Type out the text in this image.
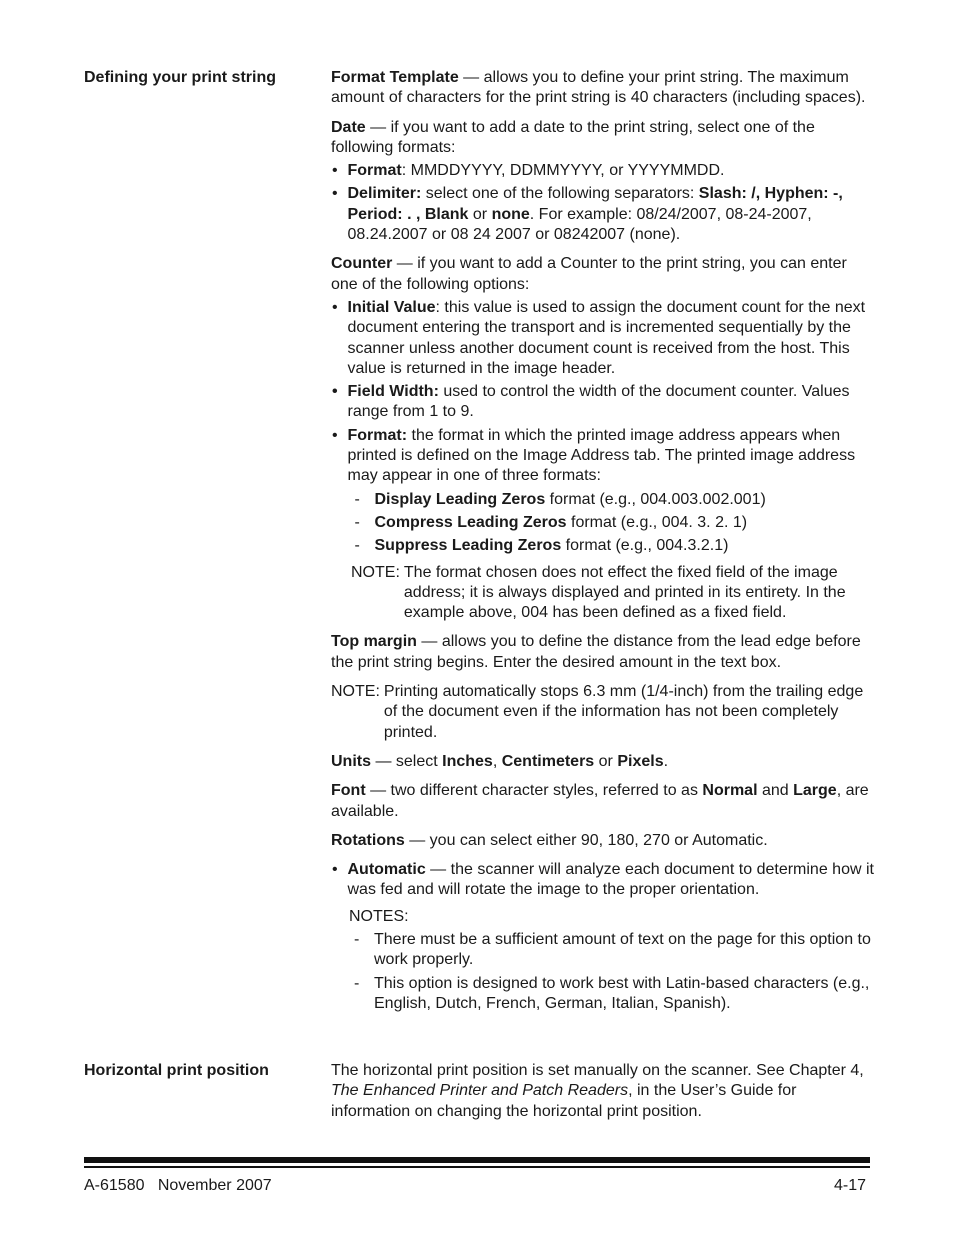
Defining your print string	Format Template — allows you to define your print string. The maximum amount of characters for the print string is 40 characters (including spaces).

Date — if you want to add a date to the print string, select one of the following formats:

• Format: MMDDYYYY, DDMMYYYY, or YYYYMMDD.
• Delimiter: select one of the following separators: Slash: /, Hyphen: -,  Period: . , Blank or none. For example: 08/24/2007, 08-24-2007, 08.24.2007 or 08 24 2007 or 08242007 (none).

Counter — if you want to add a Counter to the print string, you can enter one of the following options:

• Initial Value: this value is used to assign the document count for the next document entering the transport and is incremented sequentially by the scanner unless another document count is received from the host. This value is returned in the image header.
• Field Width: used to control the width of the document counter. Values range from 1 to 9.
• Format: the format in which the printed image address appears when printed is defined on the Image Address tab. The printed image address may appear in one of three formats:
- Display Leading Zeros format (e.g., 004.003.002.001)
- Compress Leading Zeros format (e.g., 004. 3. 2. 1)
- Suppress Leading Zeros format (e.g., 004.3.2.1)
NOTE: The format chosen does not effect the fixed field of the image address; it is always displayed and printed in its entirety. In the example above, 004 has been defined as a fixed field.

Top margin — allows you to define the distance from the lead edge before the print string begins. Enter the desired amount in the text box.

NOTE: Printing automatically stops 6.3 mm (1/4-inch) from the trailing edge of the document even if the information has not been completely printed.

Units — select Inches, Centimeters or Pixels.

Font — two different character styles, referred to as Normal and Large, are available.

Rotations — you can select either 90, 180, 270 or Automatic.

• Automatic — the scanner will analyze each document to determine how it was fed and will rotate the image to the proper orientation.

NOTES:

- There must be a sufficient amount of text on the page for this option to work properly.
- This option is designed to work best with Latin-based characters (e.g., English, Dutch, French, German, Italian, Spanish).
Horizontal print position	The horizontal print position is set manually on the scanner. See Chapter 4, The Enhanced Printer and Patch Readers, in the User’s Guide for information on changing the horizontal print position.

A-61580   November 2007	4-17
